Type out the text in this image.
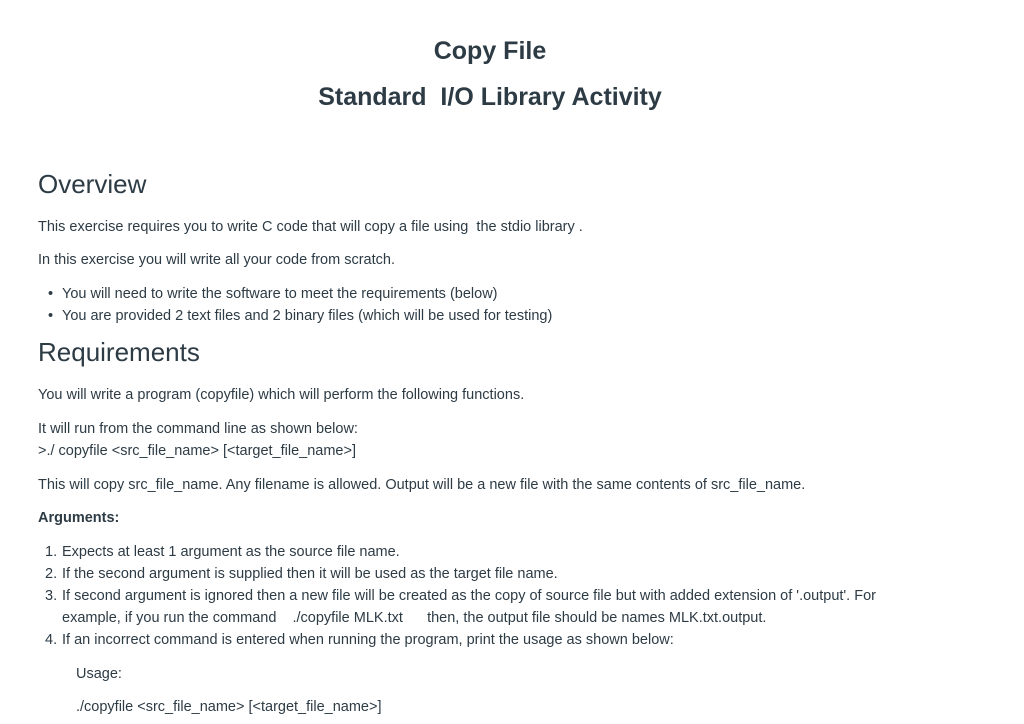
Copy File
Standard  I/O Library Activity
Overview

This exercise requires you to write C code that will copy a file using  the stdio library .

In this exercise you will write all your code from scratch.

• You will need to write the software to meet the requirements (below)
• You are provided 2 text files and 2 binary files (which will be used for testing)
Requirements

You will write a program (copyfile) which will perform the following functions.

It will run from the command line as shown below:

>./ copyfile <src_file_name> [<target_file_name>]

This will copy src_file_name. Any filename is allowed. Output will be a new file with the same contents of src_file_name.

Arguments:

1. Expects at least 1 argument as the source file name.
2. If the second argument is supplied then it will be used as the target file name.
3. If second argument is ignored then a new file will be created as the copy of source file but with added extension of '.output'. For
example, if you run the command    ./copyfile MLK.txt      then, the output file should be names MLK.txt.output.
4. If an incorrect command is entered when running the program, print the usage as shown below:

Usage:

./copyfile <src_file_name> [<target_file_name>]
